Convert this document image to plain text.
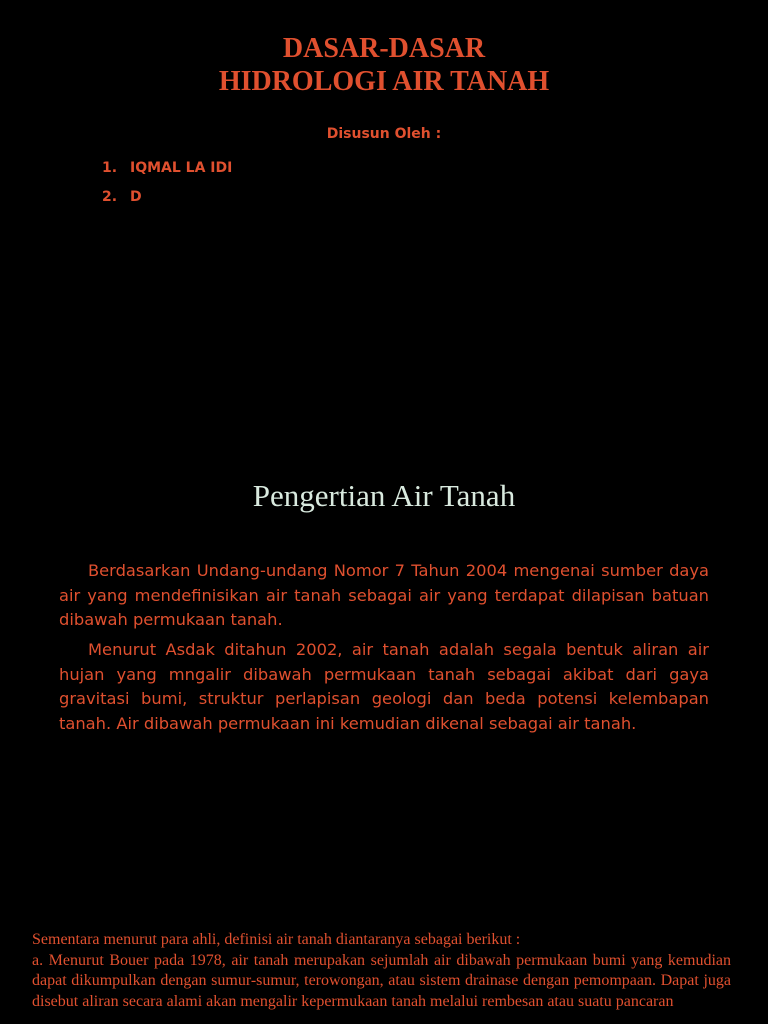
DASAR-DASAR
HIDROLOGI AIR TANAH
Disusun Oleh :
1. IQMAL LA IDI
2. D
Pengertian Air Tanah

Berdasarkan Undang-undang Nomor 7 Tahun 2004 mengenai sumber daya air yang mendefinisikan air tanah sebagai air yang terdapat dilapisan batuan dibawah permukaan tanah.

Menurut Asdak ditahun 2002, air tanah adalah segala bentuk aliran air hujan yang mngalir dibawah permukaan tanah sebagai akibat dari gaya gravitasi bumi, struktur perlapisan geologi dan beda potensi kelembapan tanah. Air dibawah permukaan ini kemudian dikenal sebagai air tanah.

Sementara menurut para ahli, definisi air tanah diantaranya sebagai berikut :
a. Menurut Bouer pada 1978, air tanah merupakan sejumlah air dibawah permukaan bumi yang kemudian dapat dikumpulkan dengan sumur-sumur, terowongan, atau sistem drainase dengan pemompaan. Dapat juga disebut aliran secara alami akan mengalir kepermukaan tanah melalui rembesan atau suatu pancaran
